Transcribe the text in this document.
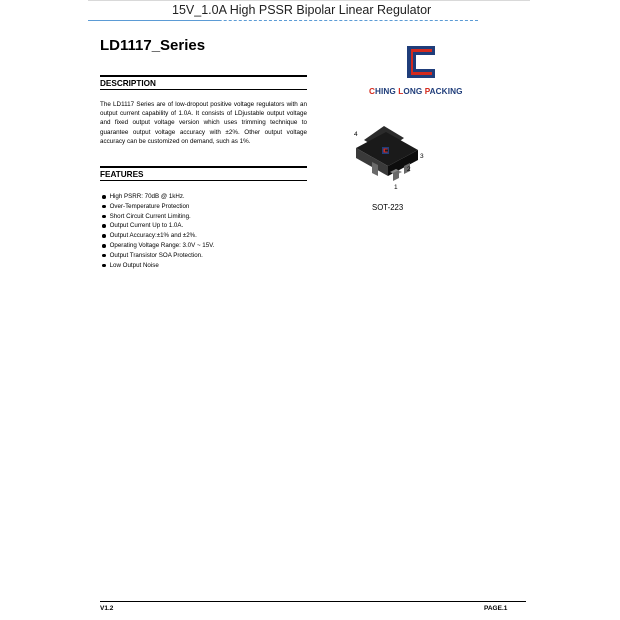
15V_1.0A High PSSR Bipolar Linear Regulator
LD1117_Series
DESCRIPTION
The LD1117 Series are of low-dropout positive voltage regulators with an output current capability of 1.0A. It consists of LDjustable output voltage and fixed output voltage version which uses trimming technique to guarantee output voltage accuracy with ±2%. Other output voltage accuracy can be customized on demand, such as 1%.
FEATURES
High PSRR: 70dB @ 1kHz.
Over-Temperature Protection
Short Circuit Current Limiting.
Output Current Up to 1.0A.
Output Accuracy:±1% and ±2%.
Operating Voltage Range: 3.0V ~ 15V.
Output Transistor SOA Protection.
Low Output Noise
CHING LONG PACKING
4
3
2
1
SOT-223
V1.2	PAGE.1
